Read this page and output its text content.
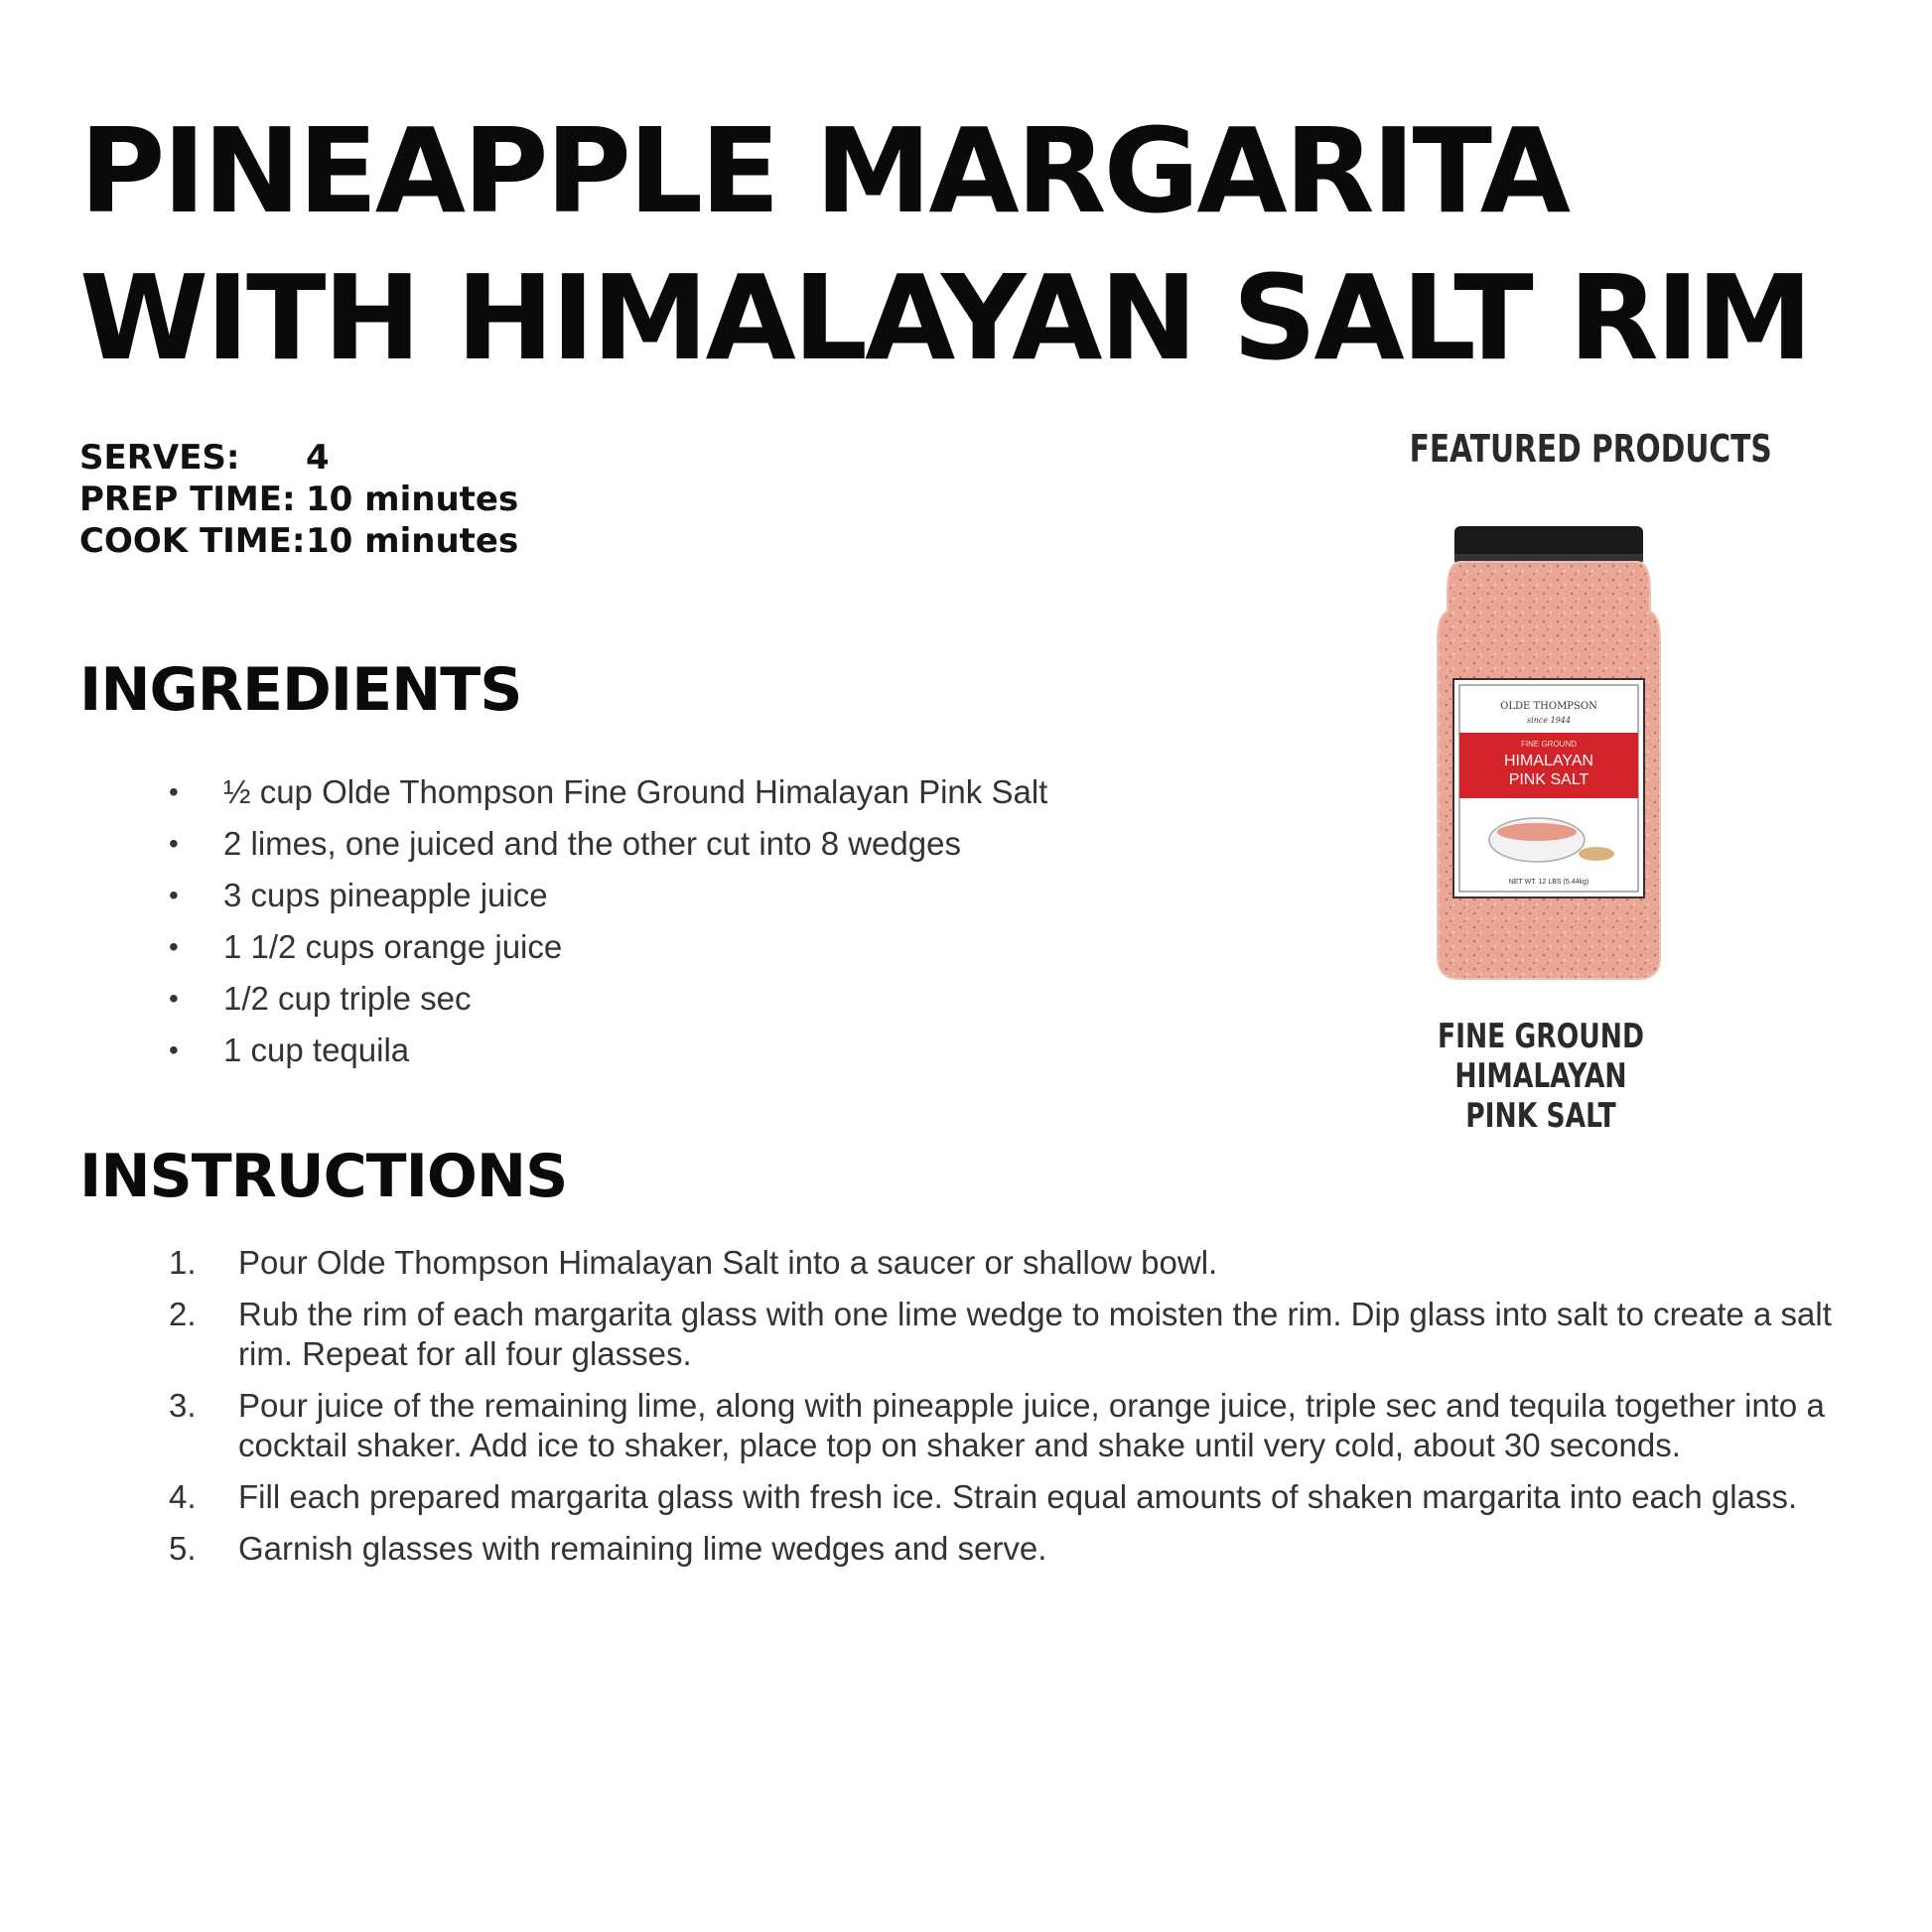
PINEAPPLE MARGARITA WITH HIMALAYAN SALT RIM
SERVES:	4
PREP TIME: 10 minutes
COOK TIME: 10 minutes
INGREDIENTS
•	½ cup Olde Thompson Fine Ground Himalayan Pink Salt
•	2 limes, one juiced and the other cut into 8 wedges
•	3 cups pineapple juice
•	1 1/2 cups orange juice
•	1/2 cup triple sec
•	1 cup tequila
INSTRUCTIONS
1.	Pour Olde Thompson Himalayan Salt into a saucer or shallow bowl.
2.	Rub the rim of each margarita glass with one lime wedge to moisten the rim. Dip glass into salt to create a salt rim. Repeat for all four glasses.
3.	Pour juice of the remaining lime, along with pineapple juice, orange juice, triple sec and tequila together into a cocktail shaker. Add ice to shaker, place top on shaker and shake until very cold, about 30 seconds.
4.	Fill each prepared margarita glass with fresh ice. Strain equal amounts of shaken margarita into each glass.
5.	Garnish glasses with remaining lime wedges and serve.
FEATURED PRODUCTS
OLDE THOMPSON
since 1944
FINE GROUND
HIMALAYAN
PINK SALT
NET WT. 12 LBS (5.44kg)
FINE GROUND HIMALAYAN PINK SALT
